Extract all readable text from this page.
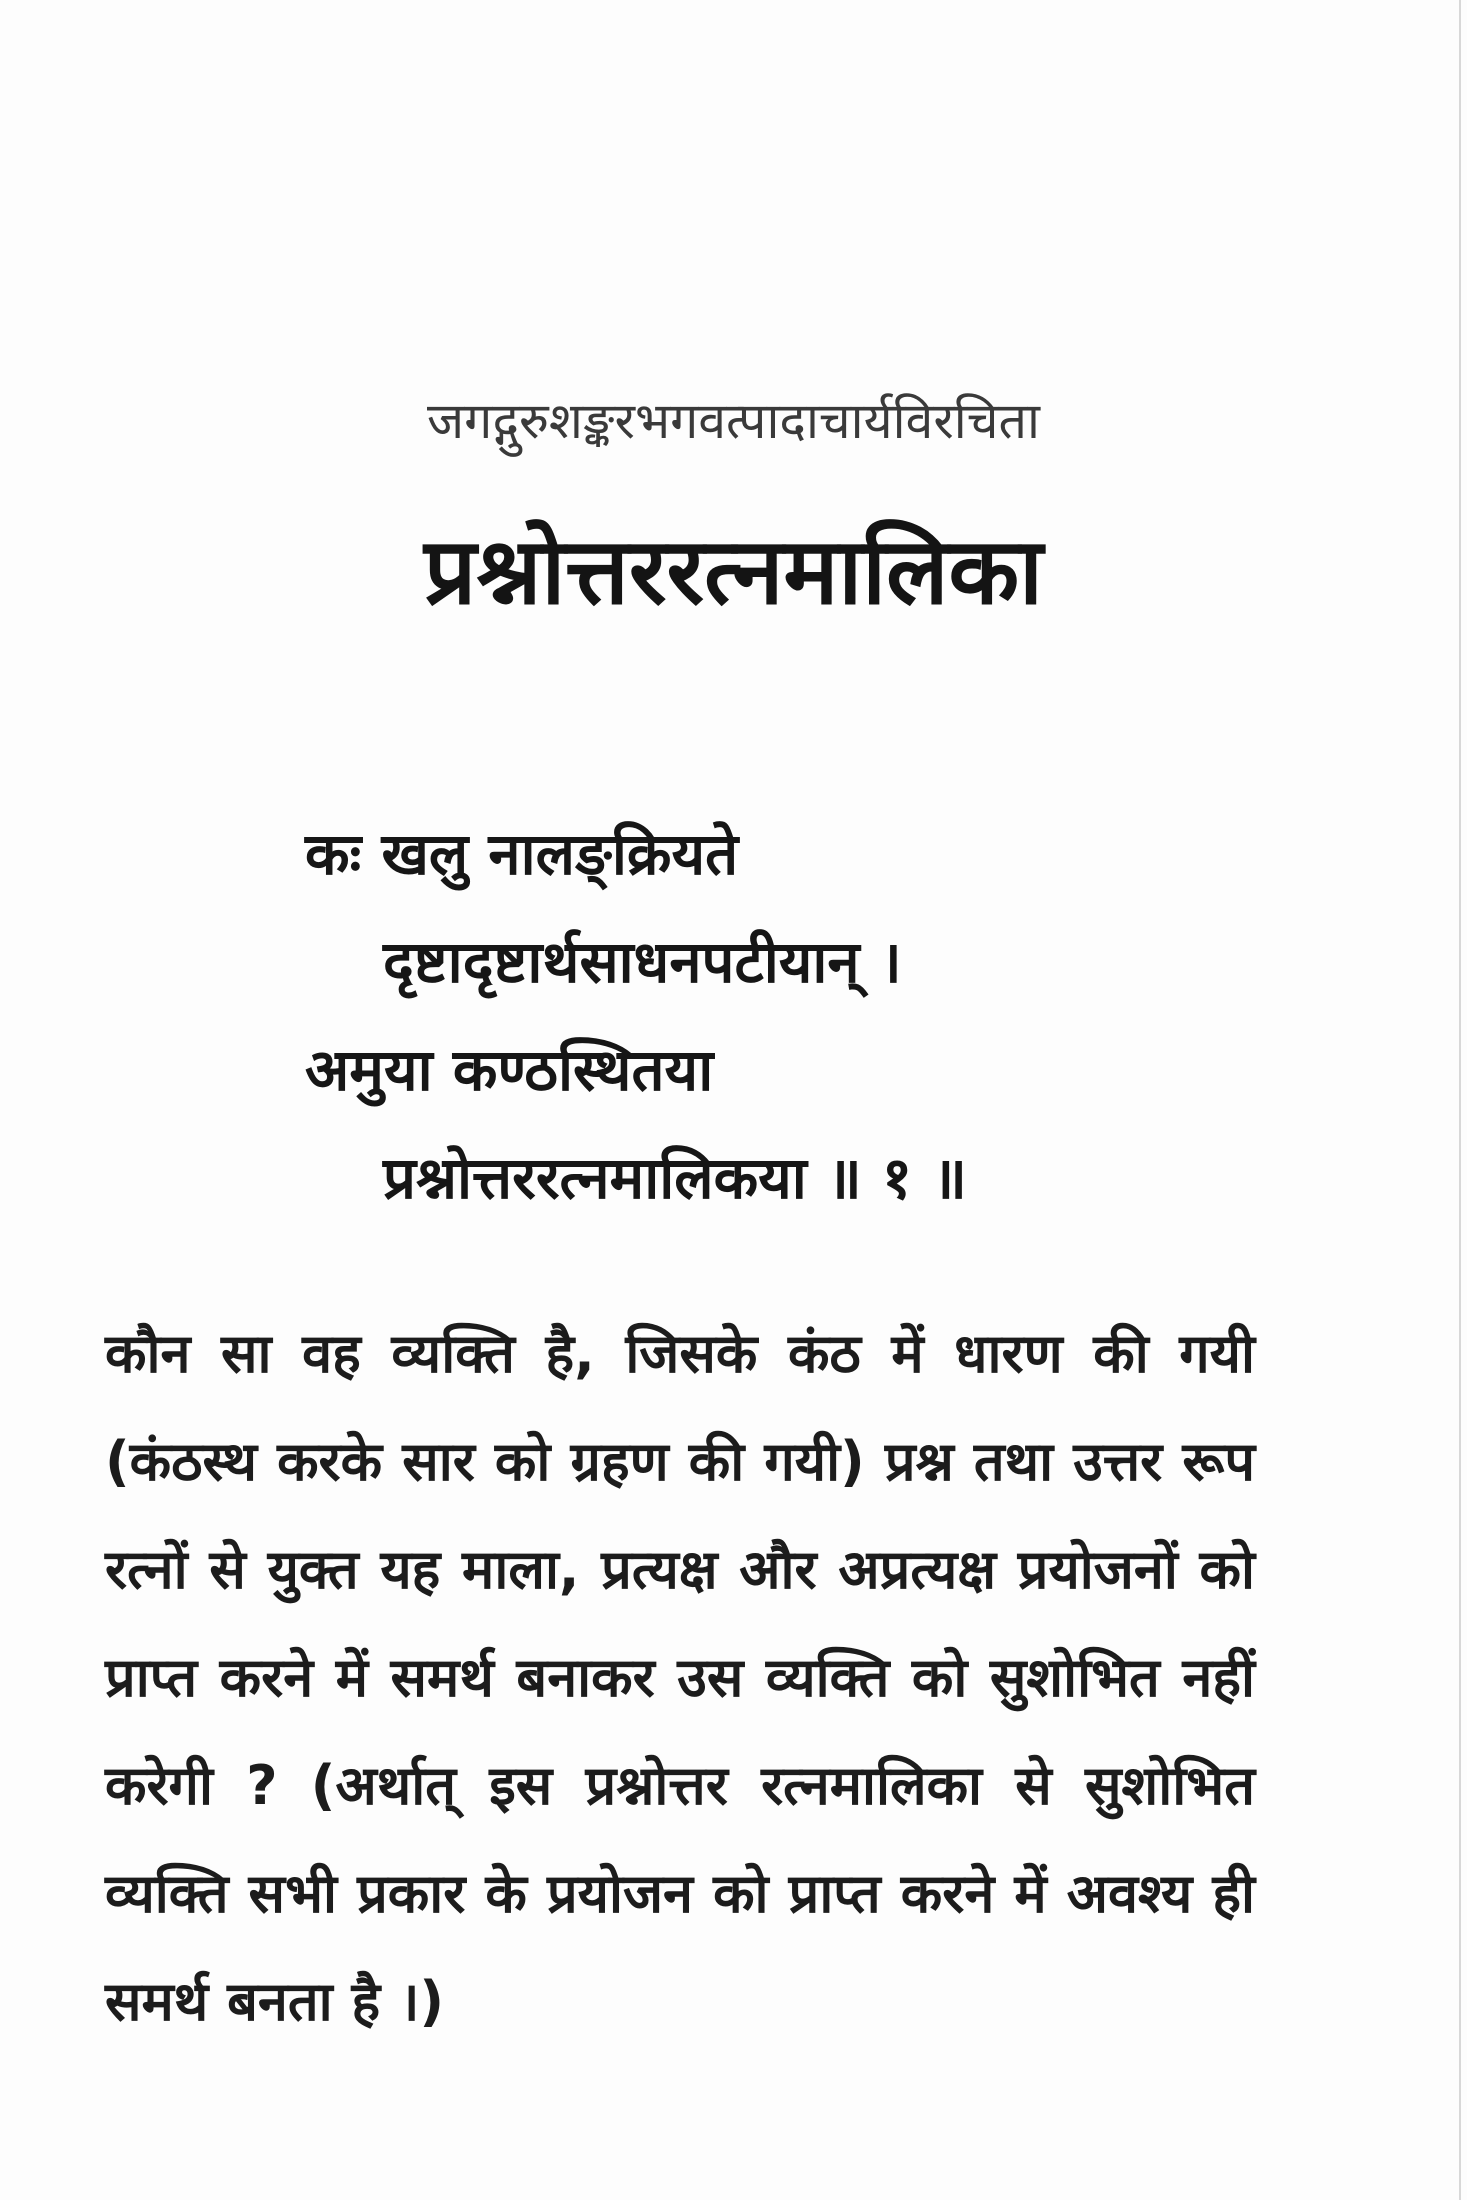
जगद्गुरुशङ्करभगवत्पादाचार्यविरचिता
प्रश्नोत्तररत्नमालिका
कः खलु नालङ्क्रियते
दृष्टादृष्टार्थसाधनपटीयान् ।
अमुया कण्ठस्थितया
प्रश्नोत्तररत्नमालिकया ॥ १ ॥
कौन सा वह व्यक्ति है, जिसके कंठ में धारण की गयी (कंठस्थ करके सार को ग्रहण की गयी) प्रश्न तथा उत्तर रूप रत्नों से युक्त यह माला, प्रत्यक्ष और अप्रत्यक्ष प्रयोजनों को प्राप्त करने में समर्थ बनाकर उस व्यक्ति को सुशोभित नहीं करेगी ? (अर्थात् इस प्रश्नोत्तर रत्नमालिका से सुशोभित व्यक्ति सभी प्रकार के प्रयोजन को प्राप्त करने में अवश्य ही समर्थ बनता है ।)
